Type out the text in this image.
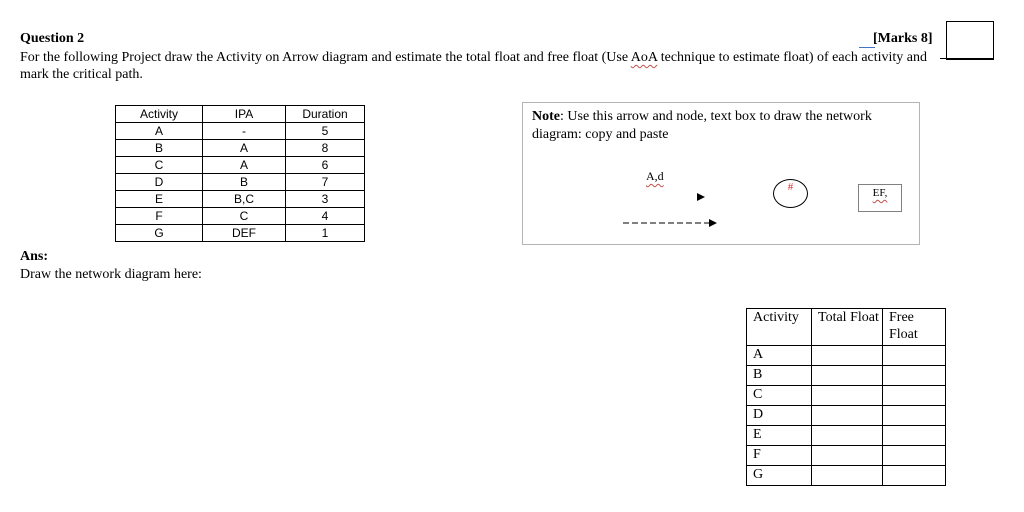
Question 2	[Marks 8]
For the following Project draw the Activity on Arrow diagram and estimate the total float and free float (Use AoA technique to estimate float) of each activity and mark the critical path.
Activity	IPA	Duration
A	-	5
B	A	8
C	A	6
D	B	7
E	B,C	3
F	C	4
G	DEF	1
Ans:
Draw the network diagram here:
Note: Use this arrow and node, text box to draw the network diagram: copy and paste
A,d
#	EF,
Activity	Total Float	Free Float
A		
B		
C		
D		
E		
F		
G		
